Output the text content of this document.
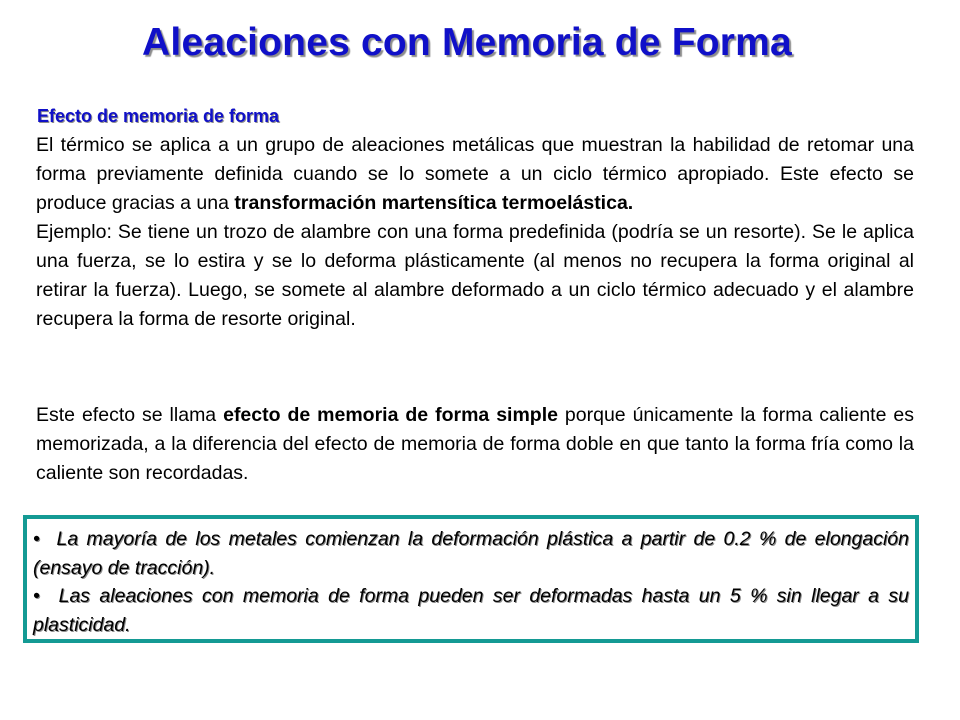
Aleaciones con Memoria de Forma
Efecto de memoria de forma

El térmico se aplica a un grupo de aleaciones metálicas que muestran la habilidad de retomar una forma previamente definida cuando se lo somete a un ciclo térmico apropiado. Este efecto se produce gracias a una transformación martensítica termoelástica.
Ejemplo: Se tiene un trozo de alambre con una forma predefinida (podría se un resorte). Se le aplica una fuerza, se lo estira y se lo deforma plásticamente (al menos no recupera la forma original al retirar la fuerza). Luego, se somete al alambre deformado a un ciclo térmico adecuado y el alambre recupera la forma de resorte original.

Este efecto se llama efecto de memoria de forma simple porque únicamente la forma caliente es memorizada, a la diferencia del efecto de memoria de forma doble en que tanto la forma fría como la caliente son recordadas.

• La mayoría de los metales comienzan la deformación plástica a partir de 0.2 % de elongación (ensayo de tracción).
• Las aleaciones con memoria de forma pueden ser deformadas hasta un 5 % sin llegar a su plasticidad.
